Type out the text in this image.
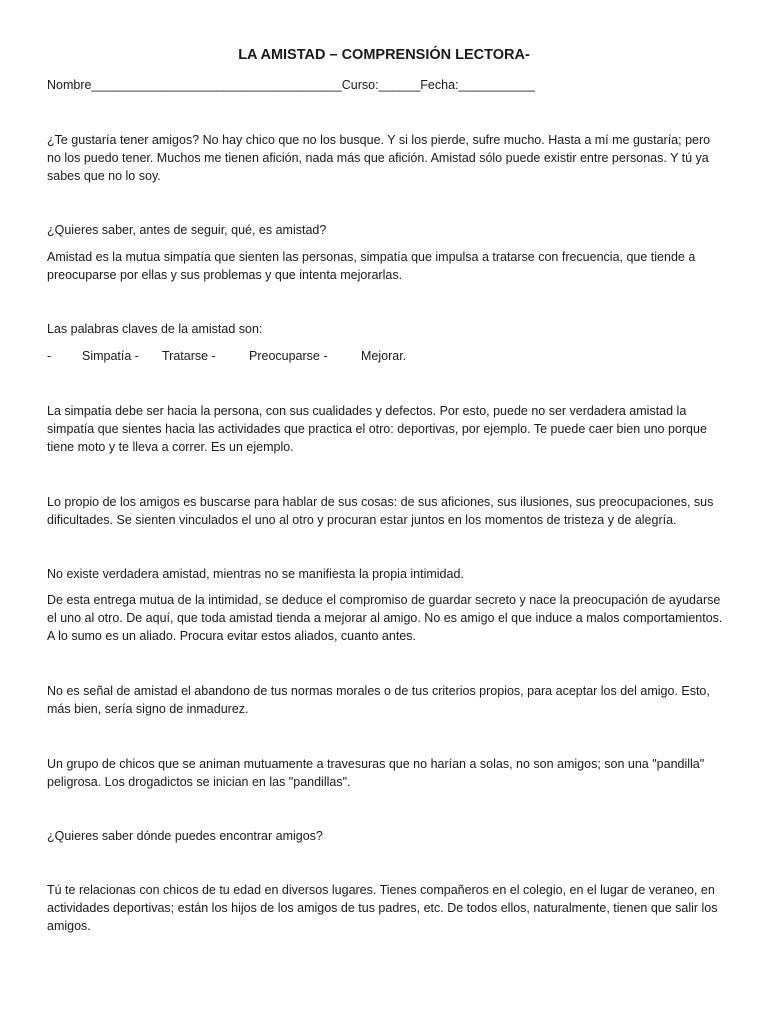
LA AMISTAD – COMPRENSIÓN LECTORA-
Nombre____________________________________Curso:______Fecha:___________

¿Te gustaría tener amigos? No hay chico que no los busque. Y si los pierde, sufre mucho. Hasta a mí me gustaría; pero no los puedo tener. Muchos me tienen afición, nada más que afición. Amistad sólo puede existir entre personas. Y tú ya sabes que no lo soy.

¿Quieres saber, antes de seguir, qué, es amistad?

Amistad es la mutua simpatía que sienten las personas, simpatía que impulsa a tratarse con frecuencia, que tiende a preocuparse por ellas y sus problemas y que intenta mejorarlas.

Las palabras claves de la amistad son:

- Simpatía - Tratarse -	Preocuparse -	Mejorar.

La simpatía debe ser hacia la persona, con sus cualidades y defectos. Por esto, puede no ser verdadera amistad la simpatía que sientes hacia las actividades que practica el otro: deportivas, por ejemplo. Te puede caer bien uno porque tiene moto y te lleva a correr. Es un ejemplo.

Lo propio de los amigos es buscarse para hablar de sus cosas: de sus aficiones, sus ilusiones, sus preocupaciones, sus dificultades. Se sienten vinculados el uno al otro y procuran estar juntos en los momentos de tristeza y de alegría.

No existe verdadera amistad, mientras no se manifiesta la propia intimidad.

De esta entrega mutua de la intimidad, se deduce el compromiso de guardar secreto y nace la preocupación de ayudarse el uno al otro. De aquí, que toda amistad tienda a mejorar al amigo. No es amigo el que induce a malos comportamientos. A lo sumo es un aliado. Procura evitar estos aliados, cuanto antes.

No es señal de amistad el abandono de tus normas morales o de tus criterios propios, para aceptar los del amigo. Esto, más bien, sería signo de inmadurez.

Un grupo de chicos que se animan mutuamente a travesuras que no harían a solas, no son amigos; son una "pandilla" peligrosa. Los drogadictos se inician en las "pandillas".

¿Quieres saber dónde puedes encontrar amigos?

Tú te relacionas con chicos de tu edad en diversos lugares. Tienes compañeros en el colegio, en el lugar de veraneo, en actividades deportivas; están los hijos de los amigos de tus padres, etc. De todos ellos, naturalmente, tienen que salir los amigos.
